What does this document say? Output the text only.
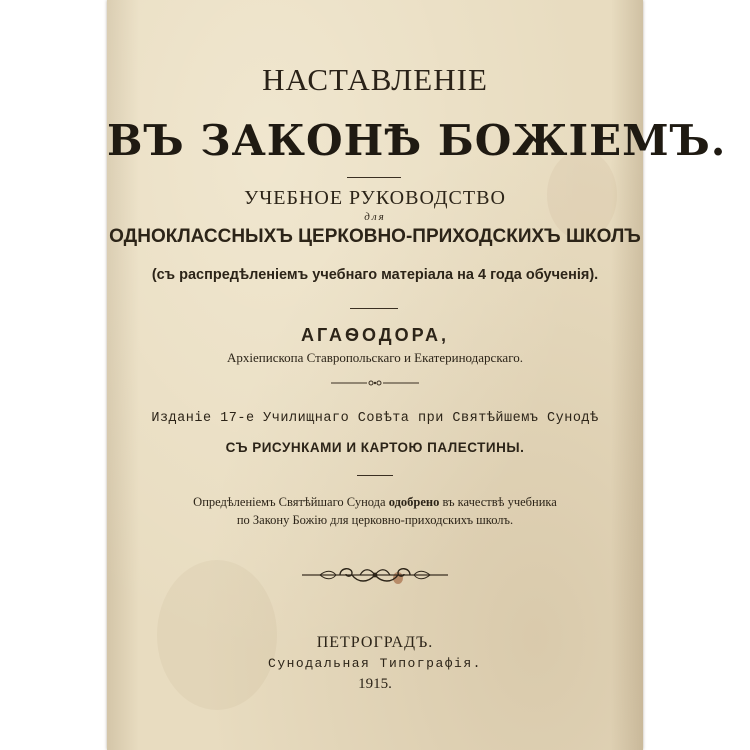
НАСТАВЛЕНIЕ
ВЪ ЗАКОНѢ БОЖIЕМЪ.
УЧЕБНОЕ РУКОВОДСТВО
для
ОДНОКЛАССНЫХЪ ЦЕРКОВНО-ПРИХОДСКИХЪ ШКОЛЪ
(съ распредѣленiемъ учебнаго матерiала на 4 года обученiя).
АГАѲОДОРА,
Архiепископа Ставропольскаго и Екатеринодарскаго.
Изданiе 17-е Училищнаго Совѣта при Святѣйшемъ Сунодѣ
СЪ РИСУНКАМИ И КАРТОЮ ПАЛЕСТИНЫ.
Опредѣленiемъ Святѣйшаго Сунода одобрено въ качествѣ учебника
по Закону Божiю для церковно-приходскихъ школъ.
ПЕТРОГРАДЪ.
Сунодальная Типографiя.
1915.
